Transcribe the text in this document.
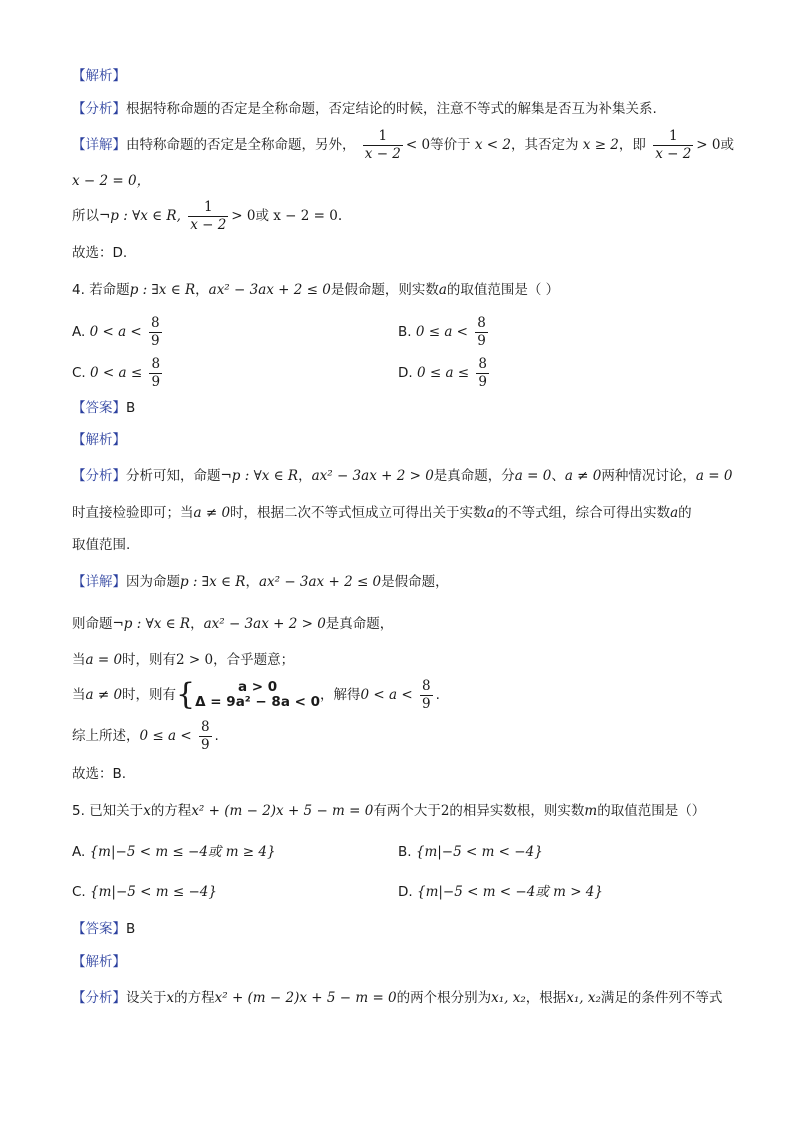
【解析】
【分析】根据特称命题的否定是全称命题，否定结论的时候，注意不等式的解集是否互为补集关系.
【详解】由特称命题的否定是全称命题，另外， $\frac{1}{x - 2} < 0$等价于 x < 2，其否定为 x ≥ 2，即 $\frac{1}{x - 2} > 0$或
x − 2 = 0，
所以¬p : ∀x ∈ R, $\frac{1}{x - 2} > 0$或 x − 2 = 0.
故选：D.
4. 若命题p : ∃x ∈ R，ax² − 3ax + 2 ≤ 0是假命题，则实数a的取值范围是（ ）
A. $0 < a < \frac{8}{9}$	B. $0 \le a < \frac{8}{9}$
C. $0 < a \le \frac{8}{9}$	D. $0 \le a \le \frac{8}{9}$
【答案】B
【解析】
【分析】分析可知，命题¬p : ∀x ∈ R，ax² − 3ax + 2 > 0是真命题，分a = 0、a ≠ 0两种情况讨论，a = 0
时直接检验即可；当a ≠ 0时，根据二次不等式恒成立可得出关于实数a的不等式组，综合可得出实数a的
取值范围.
【详解】因为命题p : ∃x ∈ R，ax² − 3ax + 2 ≤ 0是假命题，
则命题¬p : ∀x ∈ R，ax² − 3ax + 2 > 0是真命题，
当a = 0时，则有2 > 0，合乎题意；
当a ≠ 0时，则有{	a > 0
Δ = 9a² − 8a < 0 ，解得$0 < a < \frac{8}{9}$ .
综上所述，$0 \le a < \frac{8}{9}$ .
故选：B.
5. 已知关于x的方程x² + (m − 2)x + 5 − m = 0有两个大于2的相异实数根，则实数m的取值范围是（）
A. {m|−5 < m ≤ −4或 m ≥ 4}	B. {m|−5 < m < −4}
C. {m|−5 < m ≤ −4}	D. {m|−5 < m < −4或 m > 4}
【答案】B
【解析】
【分析】设关于x的方程x² + (m − 2)x + 5 − m = 0的两个根分别为x₁, x₂，根据x₁, x₂满足的条件列不等式
